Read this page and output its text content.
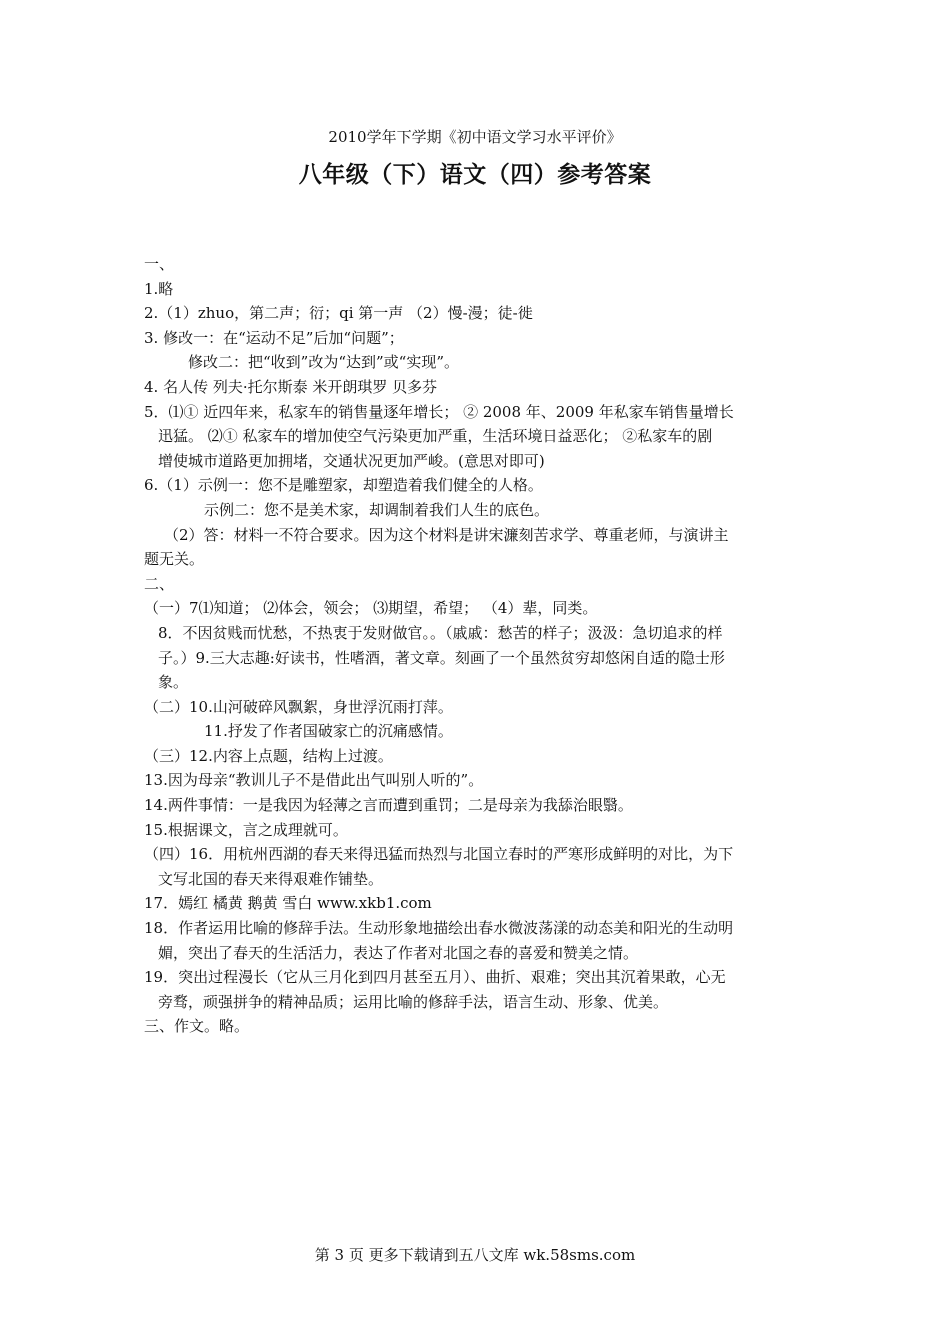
2010学年下学期《初中语文学习水平评价》
八年级（下）语文（四）参考答案
一、
1.略
2.（1）zhuo，第二声；衍；qi 第一声 （2）慢-漫；徒-徙
3. 修改一：在“运动不足”后加“问题”；
修改二：把“收到”改为“达到”或“实现”。
4. 名人传 列夫·托尔斯泰 米开朗琪罗 贝多芬
5．⑴① 近四年来，私家车的销售量逐年增长； ② 2008 年、2009 年私家车销售量增长
迅猛。 ⑵① 私家车的增加使空气污染更加严重，生活环境日益恶化； ②私家车的剧
增使城市道路更加拥堵，交通状况更加严峻。(意思对即可)
6.（1）示例一：您不是雕塑家，却塑造着我们健全的人格。
示例二：您不是美术家，却调制着我们人生的底色。
（2）答：材料一不符合要求。因为这个材料是讲宋濂刻苦求学、尊重老师，与演讲主
题无关。
二、
（一）7⑴知道； ⑵体会，领会； ⑶期望，希望； （4）辈，同类。
8．不因贫贱而忧愁，不热衷于发财做官。。（戚戚：愁苦的样子；汲汲：急切追求的样
子。）9.三大志趣:好读书，性嗜酒，著文章。刻画了一个虽然贫穷却悠闲自适的隐士形
象。
（二）10.山河破碎风飘絮，身世浮沉雨打萍。
11.抒发了作者国破家亡的沉痛感情。
（三）12.内容上点题，结构上过渡。
13.因为母亲“教训儿子不是借此出气叫别人听的”。
14.两件事情：一是我因为轻薄之言而遭到重罚；二是母亲为我舔治眼翳。
15.根据课文，言之成理就可。
（四）16．用杭州西湖的春天来得迅猛而热烈与北国立春时的严寒形成鲜明的对比，为下
文写北国的春天来得艰难作铺垫。
17．嫣红 橘黄 鹅黄 雪白 www.xkb1.com
18．作者运用比喻的修辞手法。生动形象地描绘出春水微波荡漾的动态美和阳光的生动明
媚，突出了春天的生活活力，表达了作者对北国之春的喜爱和赞美之情。
19．突出过程漫长（它从三月化到四月甚至五月）、曲折、艰难；突出其沉着果敢，心无
旁骛，顽强拼争的精神品质；运用比喻的修辞手法，语言生动、形象、优美。
三、作文。略。
第 3 页 更多下载请到五八文库 wk.58sms.com
